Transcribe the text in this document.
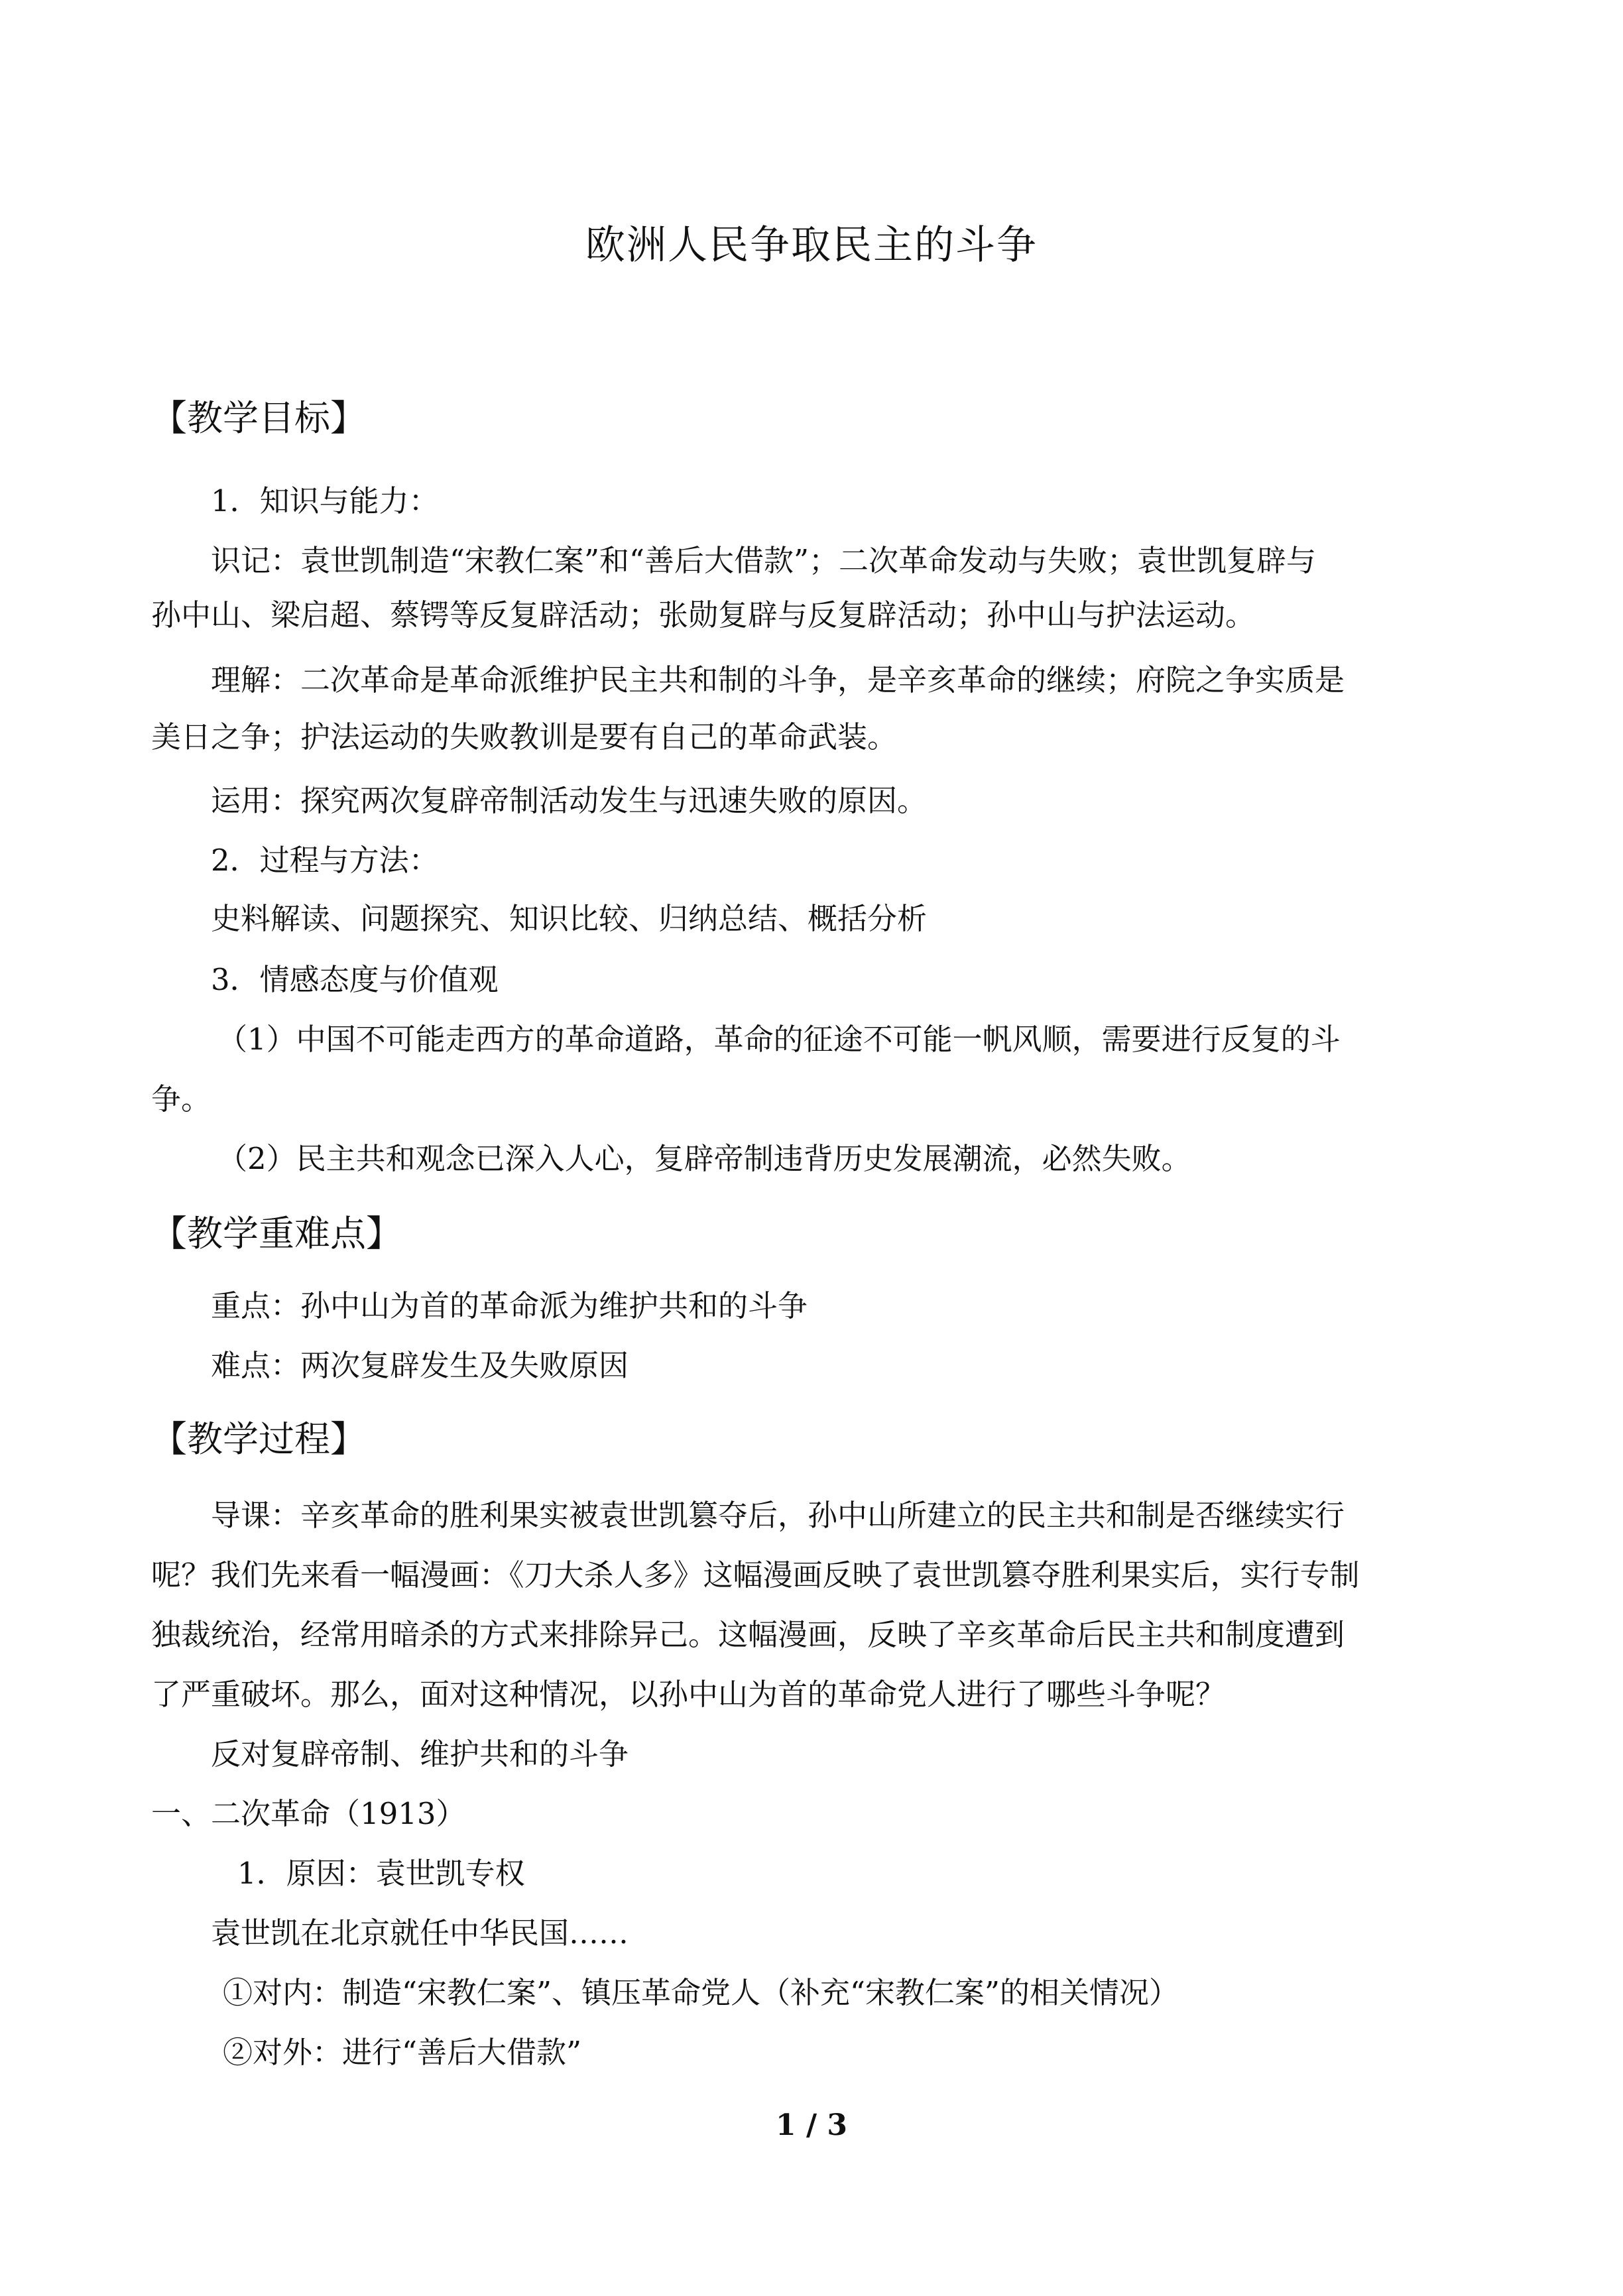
欧洲人民争取民主的斗争
【教学目标】
1．知识与能力：
识记：袁世凯制造“宋教仁案”和“善后大借款”；二次革命发动与失败；袁世凯复辟与
孙中山、梁启超、蔡锷等反复辟活动；张勋复辟与反复辟活动；孙中山与护法运动。
理解：二次革命是革命派维护民主共和制的斗争，是辛亥革命的继续；府院之争实质是
美日之争；护法运动的失败教训是要有自己的革命武装。
运用：探究两次复辟帝制活动发生与迅速失败的原因。
2．过程与方法：
史料解读、问题探究、知识比较、归纳总结、概括分析
3．情感态度与价值观
（1）中国不可能走西方的革命道路，革命的征途不可能一帆风顺，需要进行反复的斗
争。
（2）民主共和观念已深入人心，复辟帝制违背历史发展潮流，必然失败。
【教学重难点】
重点：孙中山为首的革命派为维护共和的斗争
难点：两次复辟发生及失败原因
【教学过程】
导课：辛亥革命的胜利果实被袁世凯篡夺后，孙中山所建立的民主共和制是否继续实行
呢？我们先来看一幅漫画：《刀大杀人多》这幅漫画反映了袁世凯篡夺胜利果实后，实行专制
独裁统治，经常用暗杀的方式来排除异己。这幅漫画，反映了辛亥革命后民主共和制度遭到
了严重破坏。那么，面对这种情况，以孙中山为首的革命党人进行了哪些斗争呢？
反对复辟帝制、维护共和的斗争
一、二次革命（1913）
1．原因：袁世凯专权
袁世凯在北京就任中华民国……
①对内：制造“宋教仁案”、镇压革命党人（补充“宋教仁案”的相关情况）
②对外：进行“善后大借款”
1 / 3
